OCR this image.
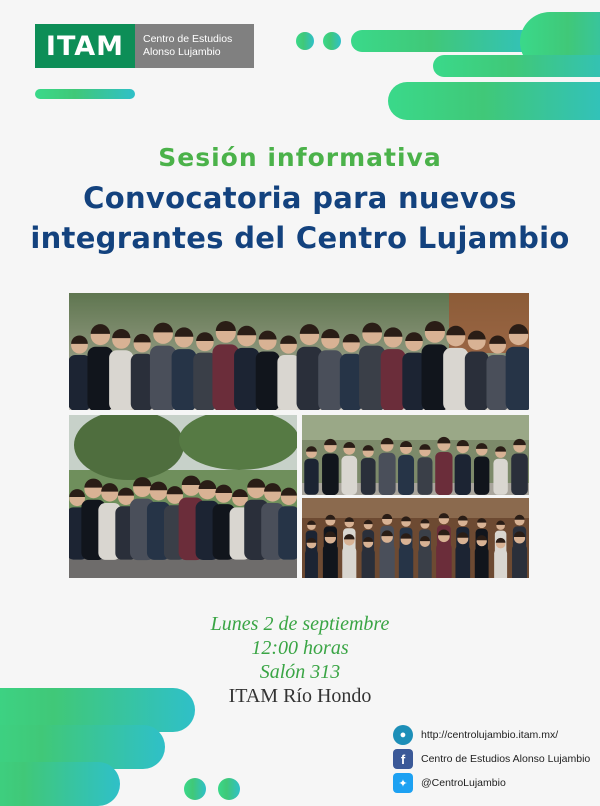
ITAM	Centro de Estudios
Alonso Lujambio
Sesión informativa
Convocatoria para nuevos
integrantes del Centro Lujambio
Lunes 2 de septiembre
12:00 horas
Salón 313
ITAM Río Hondo
●	http://centrolujambio.itam.mx/
f	Centro de Estudios Alonso Lujambio
✦	@CentroLujambio
